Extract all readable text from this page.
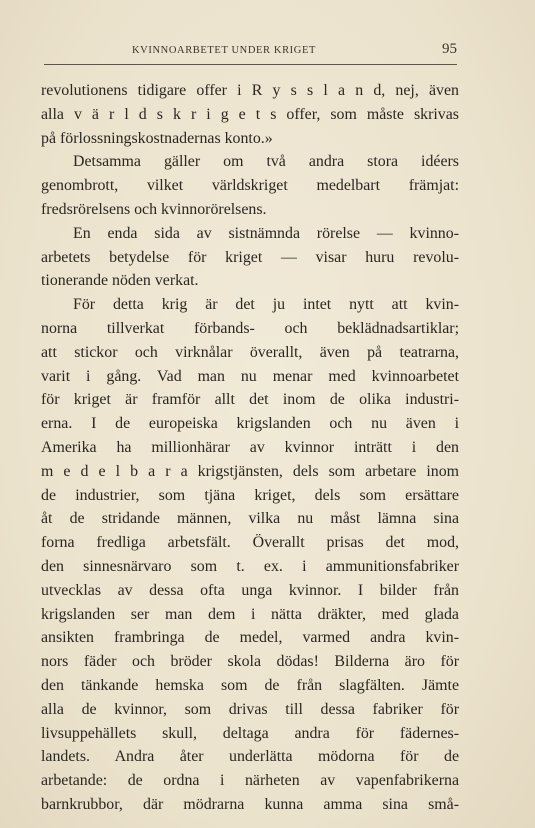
KVINNOARBETET UNDER KRIGET	95
revolutionens tidigare offer i R y s s l a n d, nej, även
alla v ä r l d s k r i g e t s offer, som måste skrivas
på förlossningskostnadernas konto.»
Detsamma gäller om två andra stora idéers
genombrott, vilket världskriget medelbart främjat:
fredsrörelsens och kvinnorörelsens.
En enda sida av sistnämnda rörelse — kvinno-
arbetets betydelse för kriget — visar huru revolu-
tionerande nöden verkat.
För detta krig är det ju intet nytt att kvin-
norna tillverkat förbands- och beklädnadsartiklar;
att stickor och virknålar överallt, även på teatrarna,
varit i gång. Vad man nu menar med kvinnoarbetet
för kriget är framför allt det inom de olika industri-
erna. I de europeiska krigslanden och nu även i
Amerika ha millionhärar av kvinnor inträtt i den
m e d e l b a r a krigstjänsten, dels som arbetare inom
de industrier, som tjäna kriget, dels som ersättare
åt de stridande männen, vilka nu måst lämna sina
forna fredliga arbetsfält. Överallt prisas det mod,
den sinnesnärvaro som t. ex. i ammunitionsfabriker
utvecklas av dessa ofta unga kvinnor. I bilder från
krigslanden ser man dem i nätta dräkter, med glada
ansikten frambringa de medel, varmed andra kvin-
nors fäder och bröder skola dödas! Bilderna äro för
den tänkande hemska som de från slagfälten. Jämte
alla de kvinnor, som drivas till dessa fabriker för
livsuppehällets skull, deltaga andra för fädernes-
landets. Andra åter underlätta mödorna för de
arbetande: de ordna i närheten av vapenfabrikerna
barnkrubbor, där mödrarna kunna amma sina små-
